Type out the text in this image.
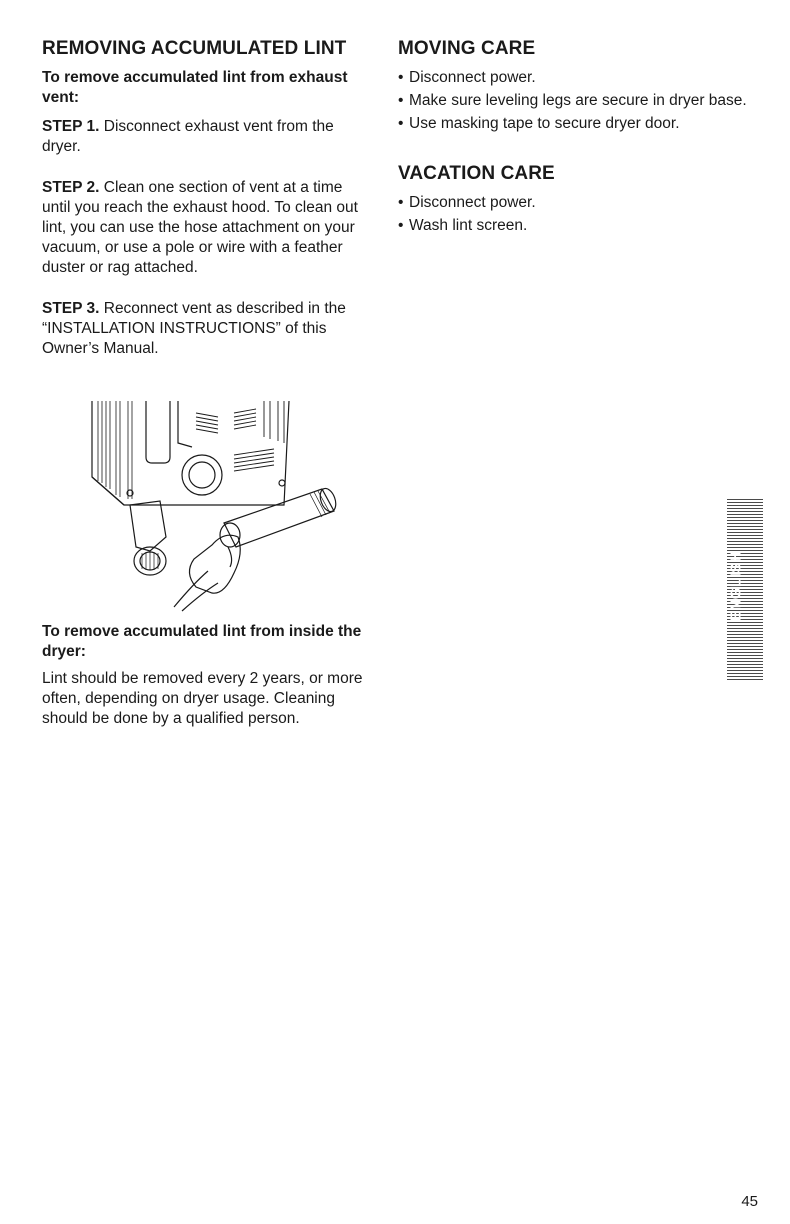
REMOVING ACCUMULATED LINT
To remove accumulated lint from exhaust vent:

STEP 1. Disconnect exhaust vent from the dryer.

STEP 2. Clean one section of vent at a time until you reach the exhaust hood. To clean out lint, you can use the hose attachment on your vacuum, or use a pole or wire with a feather duster or rag attached.

STEP 3. Reconnect vent as described in the “INSTALLATION INSTRUCTIONS” of this Owner’s Manual.

To remove accumulated lint from inside the dryer:

Lint should be removed every 2 years, or more often, depending on dryer usage. Cleaning should be done by a qualified person.

MOVING CARE
• Disconnect power.
• Make sure leveling legs are secure in dryer base.
• Use masking tape to secure dryer door.
VACATION CARE
• Disconnect power.
• Wash lint screen.
ENGLISH
45
